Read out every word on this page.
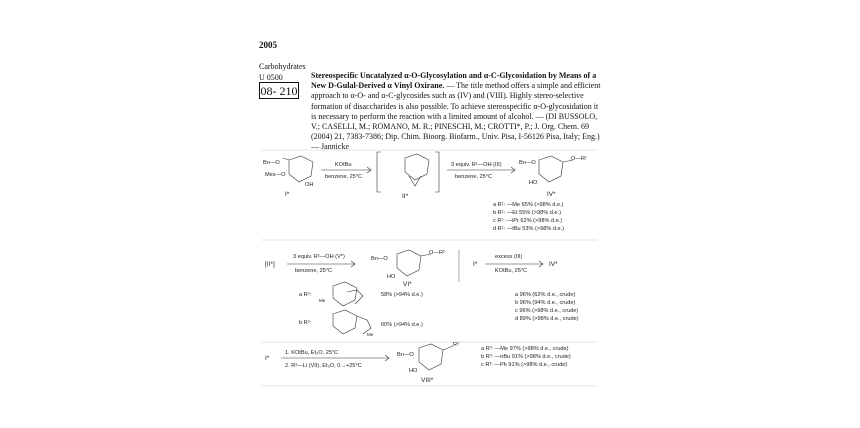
2005
Carbohydrates
U 0500
08- 210
Stereospecific Uncatalyzed α-O-Glycosylation and α-C-Glycosidation by Means of a New D-Gulal-Derived α Vinyl Oxirane. — The title method offers a simple and efficient approach to α-O- and α-C-glycosides such as (IV) and (VIII). Highly stereo-selective formation of disaccharides is also possible. To achieve stereospecific α-O-glycosidation it is necessary to perform the reaction with a limited amount of alcohol. — (DI BUSSOLO, V.; CASELLI, M.; ROMANO, M. R.; PINESCHI, M.; CROTTI*, P.; J. Org. Chem. 69 (2004) 21, 7383-7386; Dip. Chim. Bioorg. Biofarm., Univ. Pisa, I-56126 Pisa, Italy; Eng.) — Jannicke
Bn—O
Mes—O
OH
I*
KOtBu
benzene, 25°C
II*
3 equiv. R¹—OH (III)
benzene, 25°C
Bn—O
O—R¹
HO
IV*
a R¹: —Me 65% (>98% d.e.)
b R¹: —Et 55% (>98% d.e.)
c R¹: —iPr 62% (>98% d.e.)
d R¹: —tBu 53% (>98% d.e.)
[II*]
3 equiv. R²—OH (V*)
benzene, 25°C
Bn—O
O—R²
HO
VI*
a R²:
Me
58% (>94% d.e.)
b R²:
Me
60% (>94% d.e.)
I*
excess (III)
KOtBu, 25°C
IV*
a 96% (62% d.e., crude)
b 96% (94% d.e., crude)
c 96% (>98% d.e., crude)
d 89% (>98% d.e., crude)
I*
1. KOtBu, Et₂O, 25°C
2. R³—Li (VII), Et₂O, 0→+25°C
Bn—O
R³
HO
VIII*
a R³: —Me 97% (>98% d.e., crude)
b R³: —nBu 91% (>98% d.e., crude)
c R³: —Ph 91% (>98% d.e., crude)
